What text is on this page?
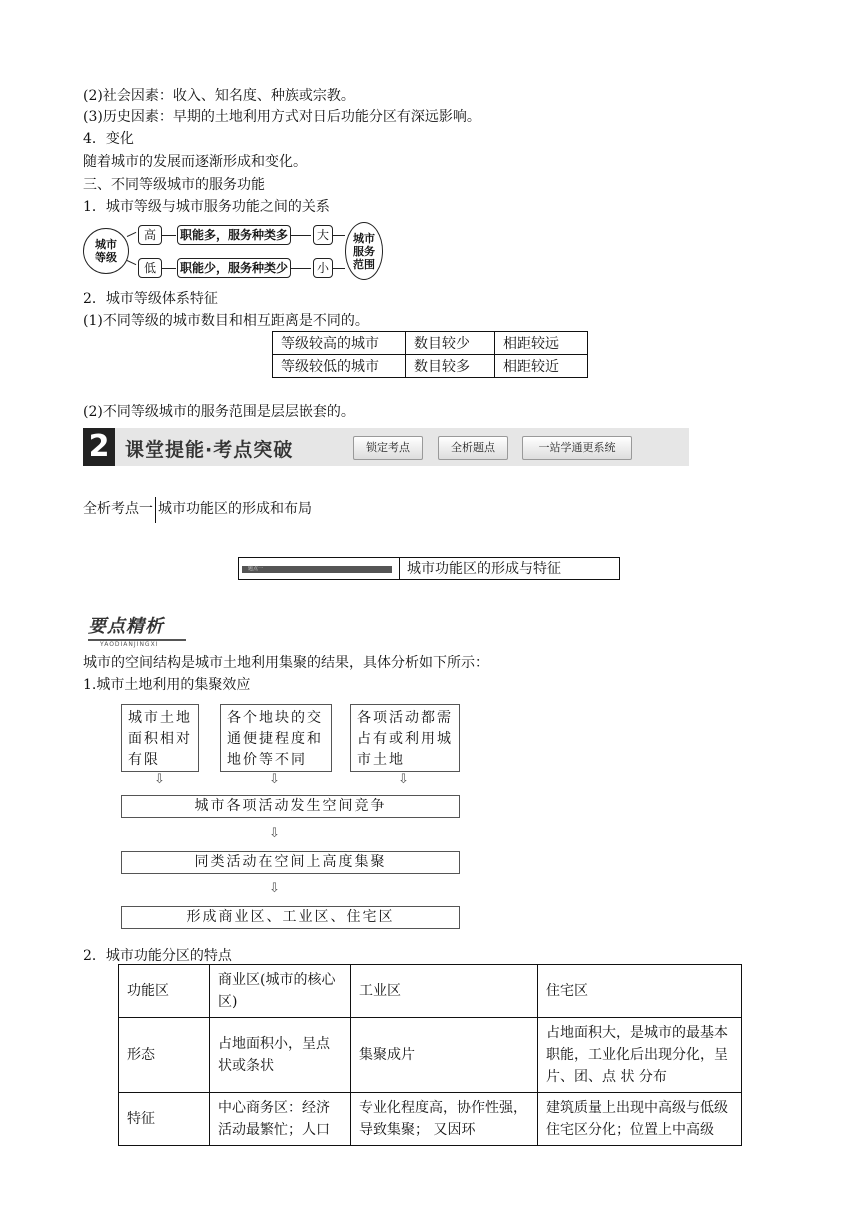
(2)社会因素：收入、知名度、种族或宗教。
(3)历史因素：早期的土地利用方式对日后功能分区有深远影响。
4．变化
随着城市的发展而逐渐形成和变化。
三、不同等级城市的服务功能
1．城市等级与城市服务功能之间的关系
城市
等级
高
低
职能多，服务种类多
职能少，服务种类少
大
小
城市
服务
范围
2．城市等级体系特征
(1)不同等级的城市数目和相互距离是不同的。
等级较高的城市	数目较少	相距较远
等级较低的城市	数目较多	相距较近
(2)不同等级城市的服务范围是层层嵌套的。
2 课堂提能·考点突破	锁定考点	全析题点	一站学通更系统
全析考点一 城市功能区的形成和布局
题点一	城市功能区的形成与特征
要点精析
YAODIANJINGXI
城市的空间结构是城市土地利用集聚的结果，具体分析如下所示：
1.城市土地利用的集聚效应
城市土地面积相对有限
各个地块的交通便捷程度和地价等不同
各项活动都需占有或利用城市土地
⇩	⇩	⇩
城市各项活动发生空间竞争
⇩
同类活动在空间上高度集聚
⇩
形成商业区、工业区、住宅区
2．城市功能分区的特点
功能区	商业区(城市的核心区)	工业区	住宅区
形态	占地面积小，呈点状或条状	集聚成片	占地面积大，是城市的最基本职能，工业化后出现分化，呈片、团、点 状 分布
特征	中心商务区：经济活动最繁忙；人口	专业化程度高，协作性强，导致集聚； 又因环	建筑质量上出现中高级与低级住宅区分化；位置上中高级
